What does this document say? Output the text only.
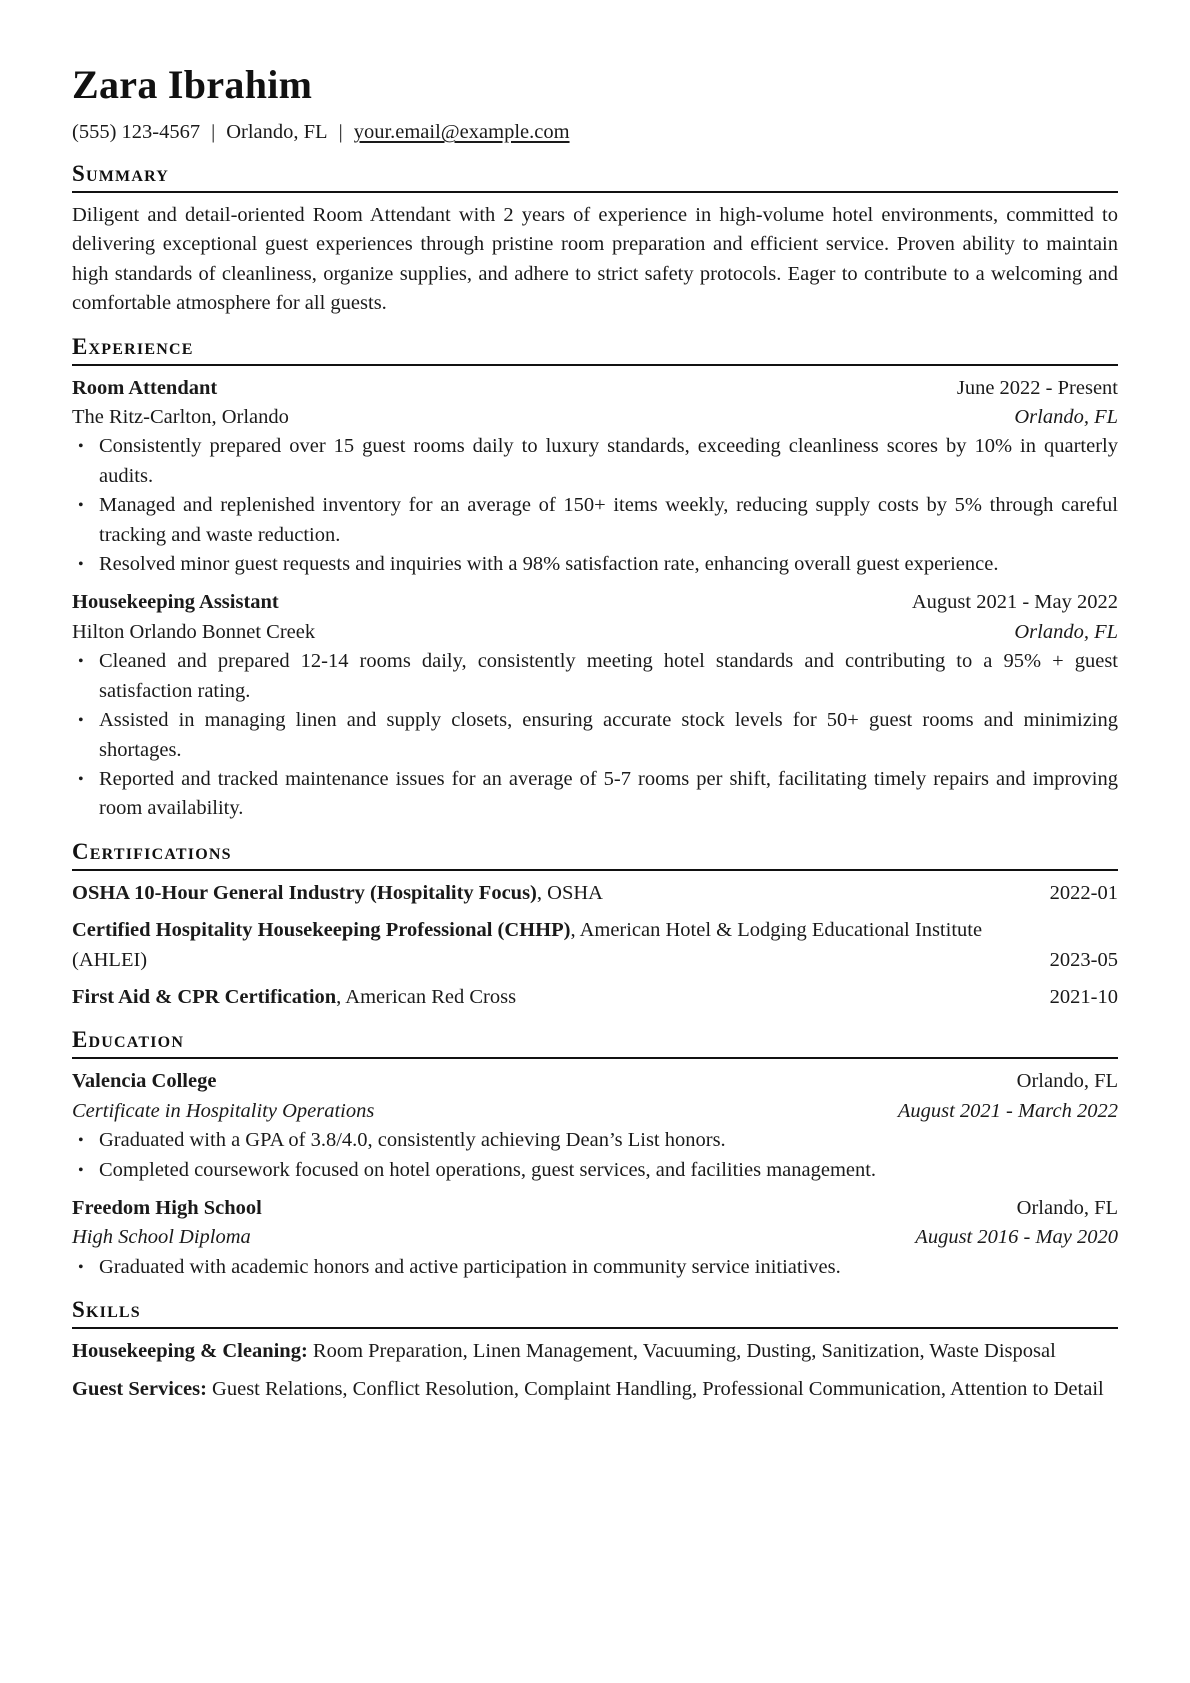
Zara Ibrahim
(555) 123-4567 | Orlando, FL | your.email@example.com
Summary
Diligent and detail-oriented Room Attendant with 2 years of experience in high-volume hotel environments, committed to delivering exceptional guest experiences through pristine room preparation and efficient service. Proven ability to maintain high standards of cleanliness, organize supplies, and adhere to strict safety protocols. Eager to contribute to a welcoming and comfortable atmosphere for all guests.
Experience
Room Attendant	June 2022 - Present
The Ritz-Carlton, Orlando	Orlando, FL
• Consistently prepared over 15 guest rooms daily to luxury standards, exceeding cleanliness scores by 10% in quarterly audits.
• Managed and replenished inventory for an average of 150+ items weekly, reducing supply costs by 5% through careful tracking and waste reduction.
• Resolved minor guest requests and inquiries with a 98% satisfaction rate, enhancing overall guest experience.
Housekeeping Assistant	August 2021 - May 2022
Hilton Orlando Bonnet Creek	Orlando, FL
• Cleaned and prepared 12-14 rooms daily, consistently meeting hotel standards and contributing to a 95% + guest satisfaction rating.
• Assisted in managing linen and supply closets, ensuring accurate stock levels for 50+ guest rooms and minimizing shortages.
• Reported and tracked maintenance issues for an average of 5-7 rooms per shift, facilitating timely repairs and improving room availability.
Certifications
OSHA 10-Hour General Industry (Hospitality Focus), OSHA	2022-01
Certified Hospitality Housekeeping Professional (CHHP), American Hotel & Lodging Educational Institute (AHLEI)	2023-05
First Aid & CPR Certification, American Red Cross	2021-10
Education
Valencia College	Orlando, FL
Certificate in Hospitality Operations	August 2021 - March 2022
• Graduated with a GPA of 3.8/4.0, consistently achieving Dean’s List honors.
• Completed coursework focused on hotel operations, guest services, and facilities management.
Freedom High School	Orlando, FL
High School Diploma	August 2016 - May 2020
• Graduated with academic honors and active participation in community service initiatives.
Skills
Housekeeping & Cleaning: Room Preparation, Linen Management, Vacuuming, Dusting, Sanitization, Waste Disposal
Guest Services: Guest Relations, Conflict Resolution, Complaint Handling, Professional Communication, Attention to Detail
